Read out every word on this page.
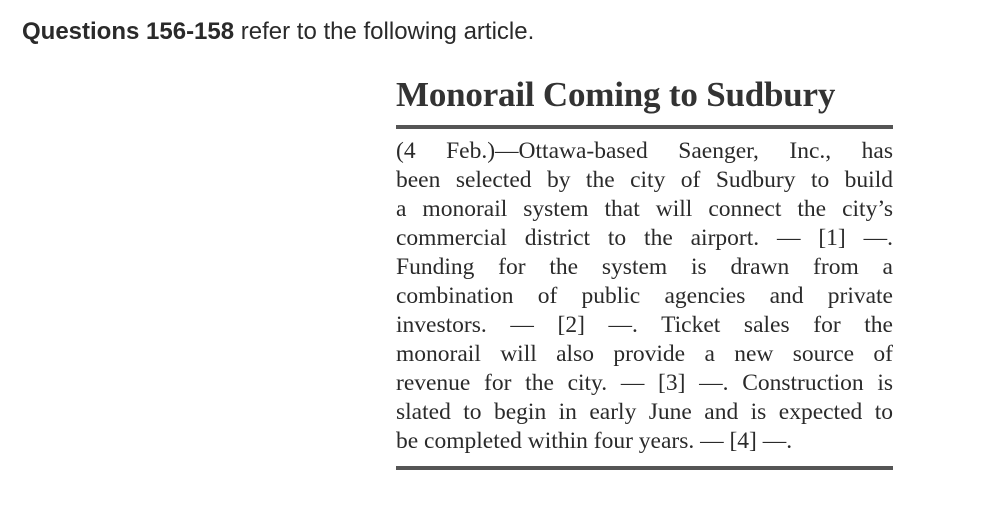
Questions 156-158 refer to the following article.
Monorail Coming to Sudbury
(4 Feb.)—Ottawa-based Saenger, Inc., has
been selected by the city of Sudbury to build
a monorail system that will connect the city’s
commercial district to the airport. — [1] —.
Funding for the system is drawn from a
combination of public agencies and private
investors. — [2] —. Ticket sales for the
monorail will also provide a new source of
revenue for the city. — [3] —. Construction is
slated to begin in early June and is expected to
be completed within four years. — [4] —.
